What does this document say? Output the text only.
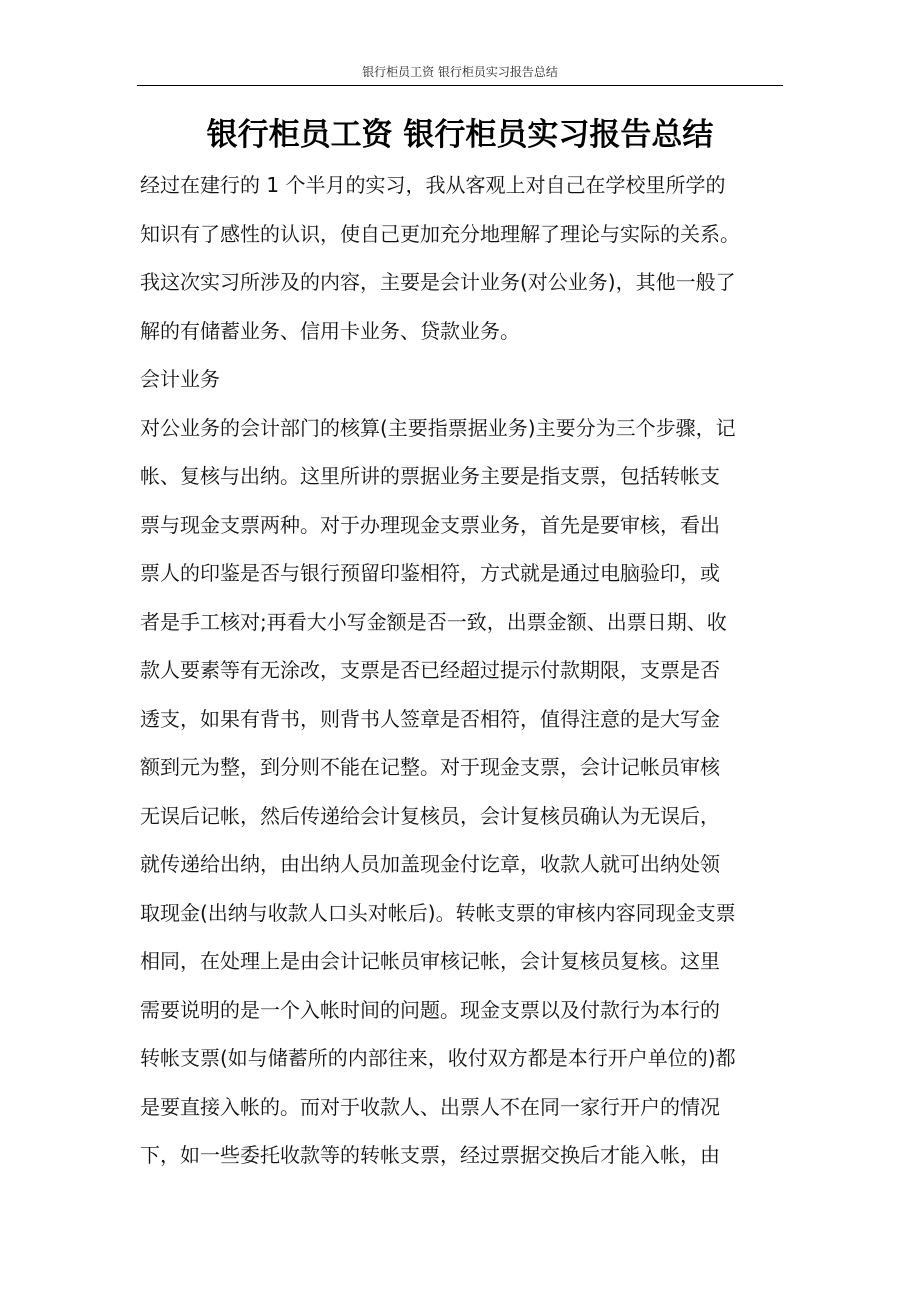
银行柜员工资 银行柜员实习报告总结
银行柜员工资 银行柜员实习报告总结
经过在建行的 1 个半月的实习，我从客观上对自己在学校里所学的
知识有了感性的认识，使自己更加充分地理解了理论与实际的关系。
我这次实习所涉及的内容，主要是会计业务(对公业务)，其他一般了
解的有储蓄业务、信用卡业务、贷款业务。
会计业务
对公业务的会计部门的核算(主要指票据业务)主要分为三个步骤，记
帐、复核与出纳。这里所讲的票据业务主要是指支票，包括转帐支
票与现金支票两种。对于办理现金支票业务，首先是要审核，看出
票人的印鉴是否与银行预留印鉴相符，方式就是通过电脑验印，或
者是手工核对;再看大小写金额是否一致，出票金额、出票日期、收
款人要素等有无涂改，支票是否已经超过提示付款期限，支票是否
透支，如果有背书，则背书人签章是否相符，值得注意的是大写金
额到元为整，到分则不能在记整。对于现金支票，会计记帐员审核
无误后记帐，然后传递给会计复核员，会计复核员确认为无误后，
就传递给出纳，由出纳人员加盖现金付讫章，收款人就可出纳处领
取现金(出纳与收款人口头对帐后)。转帐支票的审核内容同现金支票
相同，在处理上是由会计记帐员审核记帐，会计复核员复核。这里
需要说明的是一个入帐时间的问题。现金支票以及付款行为本行的
转帐支票(如与储蓄所的内部往来，收付双方都是本行开户单位的)都
是要直接入帐的。而对于收款人、出票人不在同一家行开户的情况
下，如一些委托收款等的转帐支票，经过票据交换后才能入帐，由
